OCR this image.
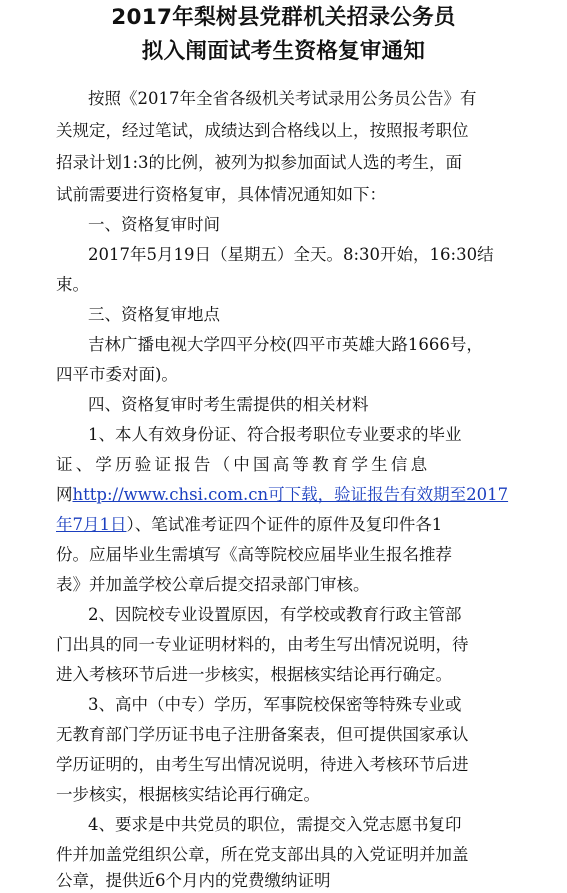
2017年梨树县党群机关招录公务员
拟入闱面试考生资格复审通知
按照《2017年全省各级机关考试录用公务员公告》有
关规定，经过笔试，成绩达到合格线以上，按照报考职位
招录计划1:3的比例，被列为拟参加面试人选的考生，面
试前需要进行资格复审，具体情况通知如下：
一、资格复审时间
2017年5月19日（星期五）全天。8:30开始，16:30结
束。
三、资格复审地点
吉林广播电视大学四平分校(四平市英雄大路1666号，
四平市委对面)。
四、资格复审时考生需提供的相关材料
1、本人有效身份证、符合报考职位专业要求的毕业
证、学历验证报告（中国高等教育学生信息
网http://www.chsi.com.cn可下载，验证报告有效期至2017
年7月1日）、笔试准考证四个证件的原件及复印件各1
份。应届毕业生需填写《高等院校应届毕业生报名推荐
表》并加盖学校公章后提交招录部门审核。
2、因院校专业设置原因，有学校或教育行政主管部
门出具的同一专业证明材料的，由考生写出情况说明，待
进入考核环节后进一步核实，根据核实结论再行确定。
3、高中（中专）学历，军事院校保密等特殊专业或
无教育部门学历证书电子注册备案表，但可提供国家承认
学历证明的，由考生写出情况说明，待进入考核环节后进
一步核实，根据核实结论再行确定。
4、要求是中共党员的职位，需提交入党志愿书复印
件并加盖党组织公章，所在党支部出具的入党证明并加盖
公章，提供近6个月内的党费缴纳证明
